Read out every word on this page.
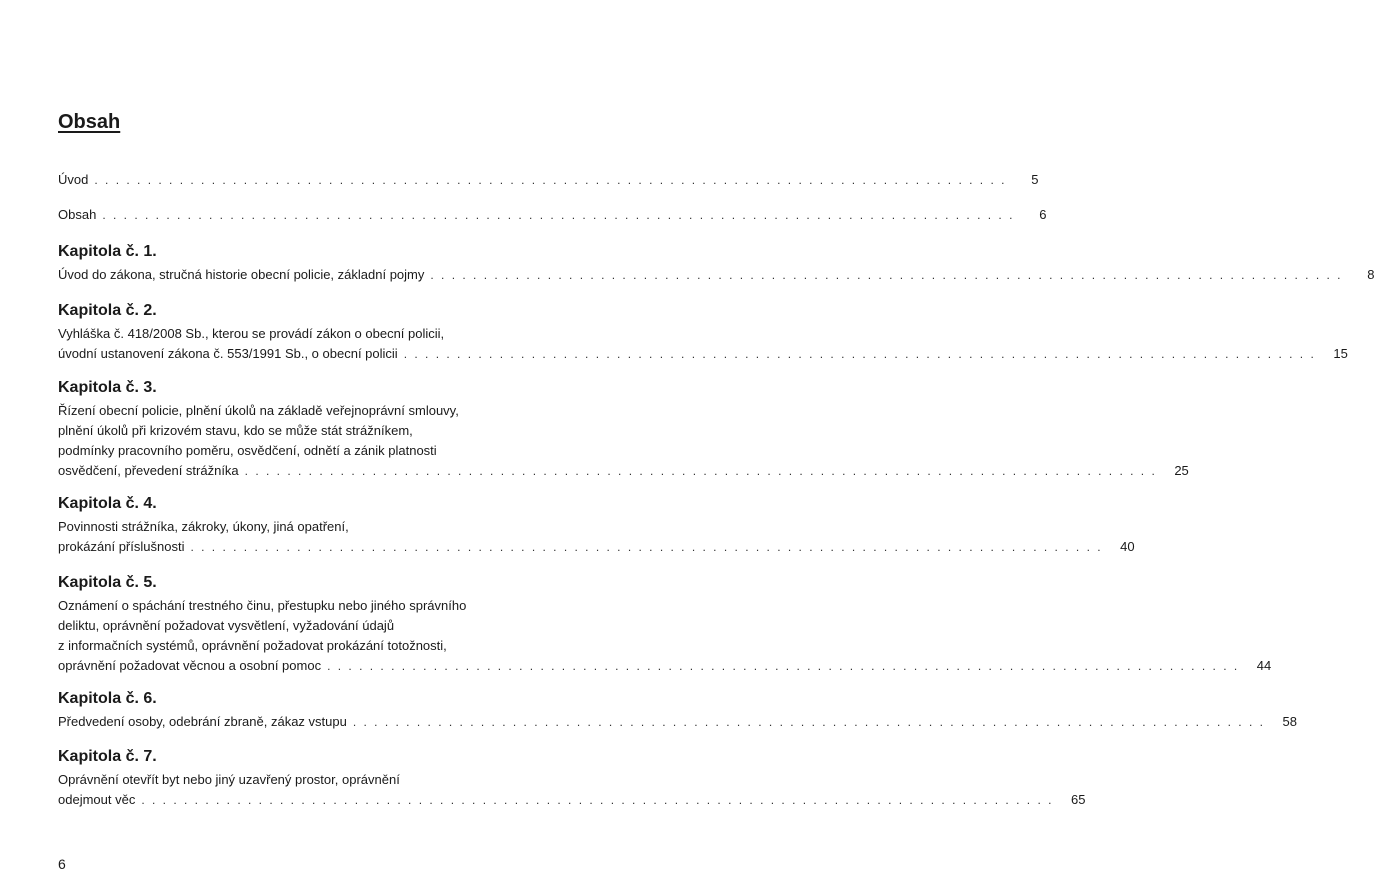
Obsah
Úvod . . . . . . . . . . . . . . . . . . . . . . . . . . . . . . . . . . . . . . . . . . . . . . . . . . . . . . . . . . . . . . . . . . . . . . . . . . . . . . . . . . . . . .	5
Obsah . . . . . . . . . . . . . . . . . . . . . . . . . . . . . . . . . . . . . . . . . . . . . . . . . . . . . . . . . . . . . . . . . . . . . . . . . . . . . . . . . . . . . .	6
Kapitola č. 1.
Úvod do zákona, stručná historie obecní policie, základní pojmy . . . . . . . . . . . . . . . . . . . . . . . . . . . . . . . . . . . . . . . . . . . . . . . . . . . . . . . . . . . . . . . . . . . . . . . . . . . . . . . . . . . . . .	8
Kapitola č. 2.
Vyhláška č. 418/2008 Sb., kterou se provádí zákon o obecní policii,
úvodní ustanovení zákona č. 553/1991 Sb., o obecní policii . . . . . . . . . . . . . . . . . . . . . . . . . . . . . . . . . . . . . . . . . . . . . . . . . . . . . . . . . . . . . . . . . . . . . . . . . . . . . . . . . . . . . .	15
Kapitola č. 3.
Řízení obecní policie, plnění úkolů na základě veřejnoprávní smlouvy,
plnění úkolů při krizovém stavu, kdo se může stát strážníkem,
podmínky pracovního poměru, osvědčení, odnětí a zánik platnosti
osvědčení, převedení strážníka . . . . . . . . . . . . . . . . . . . . . . . . . . . . . . . . . . . . . . . . . . . . . . . . . . . . . . . . . . . . . . . . . . . . . . . . . . . . . . . . . . . . . .	25
Kapitola č. 4.
Povinnosti strážníka, zákroky, úkony, jiná opatření,
prokázání příslušnosti . . . . . . . . . . . . . . . . . . . . . . . . . . . . . . . . . . . . . . . . . . . . . . . . . . . . . . . . . . . . . . . . . . . . . . . . . . . . . . . . . . . . . .	40
Kapitola č. 5.
Oznámení o spáchání trestného činu, přestupku nebo jiného správního
deliktu, oprávnění požadovat vysvětlení, vyžadování údajů
z informačních systémů, oprávnění požadovat prokázání totožnosti,
oprávnění požadovat věcnou a osobní pomoc . . . . . . . . . . . . . . . . . . . . . . . . . . . . . . . . . . . . . . . . . . . . . . . . . . . . . . . . . . . . . . . . . . . . . . . . . . . . . . . . . . . . . .	44
Kapitola č. 6.
Předvedení osoby, odebrání zbraně, zákaz vstupu . . . . . . . . . . . . . . . . . . . . . . . . . . . . . . . . . . . . . . . . . . . . . . . . . . . . . . . . . . . . . . . . . . . . . . . . . . . . . . . . . . . . . .	58
Kapitola č. 7.
Oprávnění otevřít byt nebo jiný uzavřený prostor, oprávnění
odejmout věc . . . . . . . . . . . . . . . . . . . . . . . . . . . . . . . . . . . . . . . . . . . . . . . . . . . . . . . . . . . . . . . . . . . . . . . . . . . . . . . . . . . . . .	65
6
